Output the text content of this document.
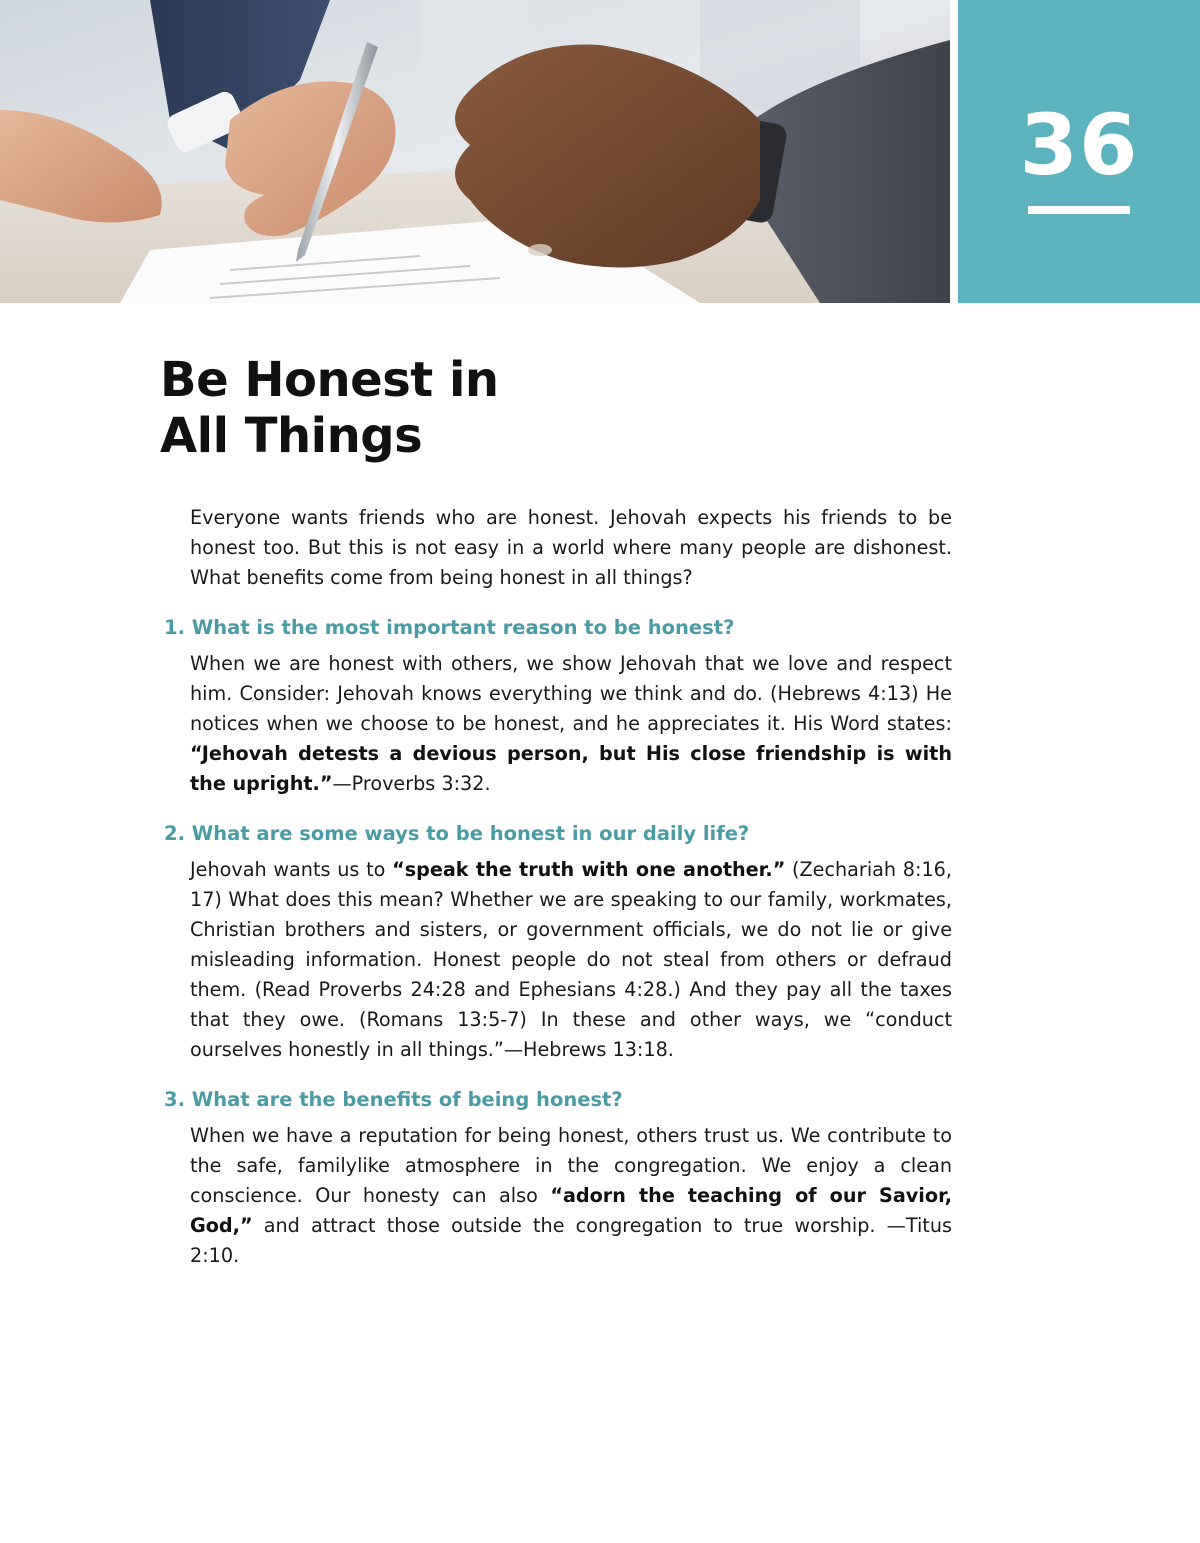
36
Be Honest in
All Things

Everyone wants friends who are honest. Jehovah expects his friends to be honest too. But this is not easy in a world where many people are dishonest. What benefits come from being honest in all things?

1. What is the most important reason to be honest?

When we are honest with others, we show Jehovah that we love and respect him. Consider: Jehovah knows everything we think and do. (Hebrews 4:13) He notices when we choose to be honest, and he appreciates it. His Word states: “Jehovah detests a devious person, but His close friendship is with the upright.”—Proverbs 3:32.

2. What are some ways to be honest in our daily life?

Jehovah wants us to “speak the truth with one another.” (Zechariah 8:16, 17) What does this mean? Whether we are speaking to our family, workmates, Christian brothers and sisters, or government officials, we do not lie or give misleading information. Honest people do not steal from others or defraud them. (Read Proverbs 24:28 and Ephesians 4:28.) And they pay all the taxes that they owe. (Romans 13:5-7) In these and other ways, we “conduct ourselves honestly in all things.”—Hebrews 13:18.

3. What are the benefits of being honest?

When we have a reputation for being honest, others trust us. We contribute to the safe, familylike atmosphere in the congregation. We enjoy a clean conscience. Our honesty can also “adorn the teaching of our Savior, God,” and attract those outside the congregation to true worship. —Titus 2:10.
